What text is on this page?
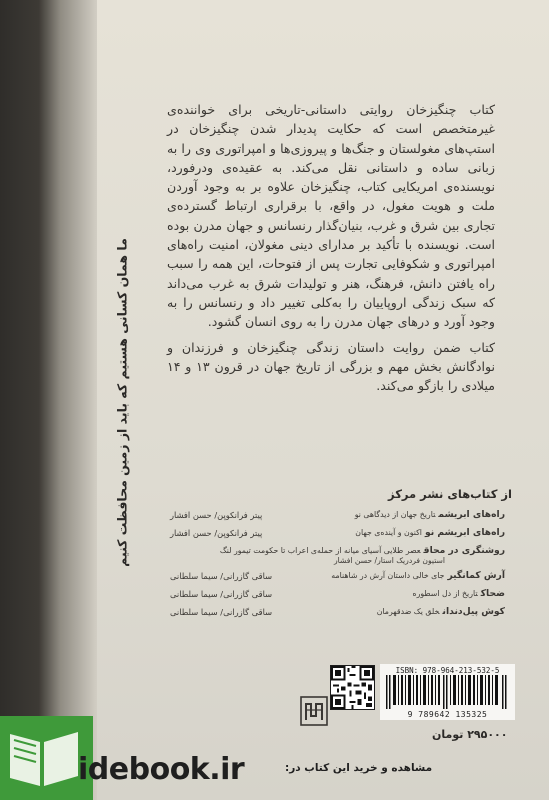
ما همان کسانی هستیم که باید از زمین محافظت کنیم

کتاب چنگیزخان روایتی داستانی-تاریخی برای خواننده‌ی غیرمتخصص است که حکایت پدیدار شدن چنگیزخان در استپ‌های مغولستان و جنگ‌ها و پیروزی‌ها و امپراتوری وی را به زبانی ساده و داستانی نقل می‌کند. به عقیده‌ی ودرفورد، نویسنده‌ی امریکایی کتاب، چنگیزخان علاوه بر به وجود آوردن ملت و هویت مغول، در واقع، با برقراری ارتباط گسترده‌ی تجاری بین شرق و غرب، بنیان‌گذار رنسانس و جهان مدرن بوده است. نویسنده با تأکید بر مدارای دینی مغولان، امنیت راه‌های امپراتوری و شکوفایی تجارت پس از فتوحات، این همه را سبب راه یافتن دانش، فرهنگ، هنر و تولیدات شرق به غرب می‌داند که سبک زندگی اروپاییان را به‌کلی تغییر داد و رنسانس را به وجود آورد و درهای جهان مدرن را به روی انسان گشود.

کتاب ضمن روایت داستان زندگی چنگیزخان و فرزندان و نوادگانش بخش مهم و بزرگی از تاریخ جهان در قرون ۱۳ و ۱۴ میلادی را بازگو می‌کند.

از کتاب‌های نشر مرکز
راه‌های ابریشمتاریخ جهان از دیدگاهی نو
پیتر فرانکوپن/ حسن افشار
راه‌های ابریشم نواکنون و آینده‌ی جهان
پیتر فرانکوپن/ حسن افشار
روشنگری در محاقعصر طلایی آسیای میانه از حمله‌ی اعراب تا حکومت تیمور لنگ
استیون فردریک استار/ حسن افشار
آرش کمانگیرجای خالی داستان آرش در شاهنامه
ساقی گازرانی/ سیما سلطانی
ضحاکتاریخ از دل اسطوره
ساقی گازرانی/ سیما سلطانی
کوش پیل‌دندانخلق یک ضدقهرمان
ساقی گازرانی/ سیما سلطانی
ISBN: 978-964-213-532-5
9 789642 135325
۲۹۵۰۰۰ تومان
idebook.ir	مشاهده و خرید این کتاب در:
